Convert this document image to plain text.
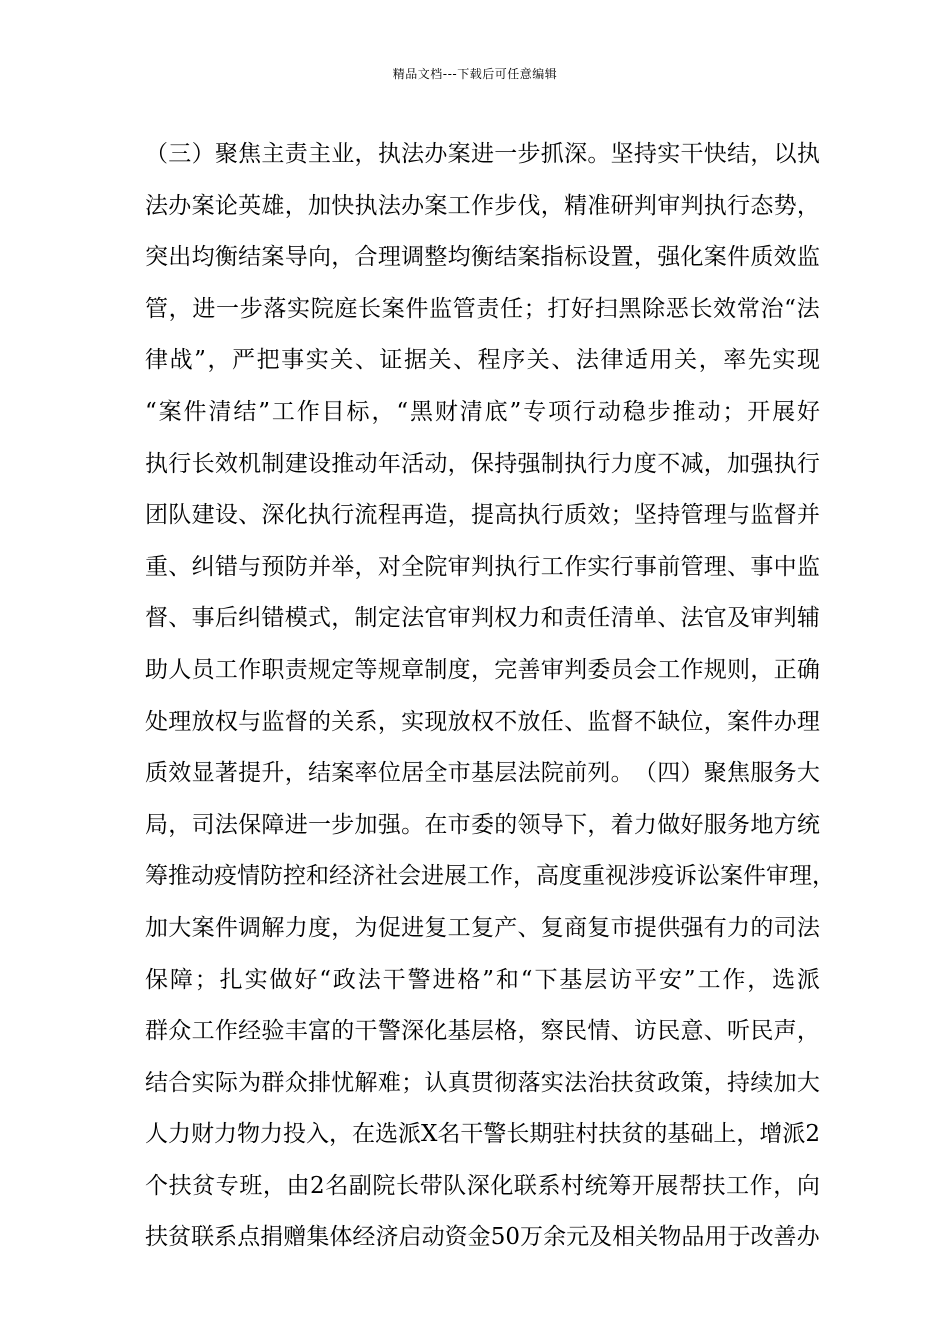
精品文档---下载后可任意编辑
（ 三 ） 聚 焦 主 责 主 业 ， 执 法 办 案 进 一 步 抓 深 。 坚 持 实 干 快 结 ， 以 执
法 办 案 论 英 雄 ， 加 快 执 法 办 案 工 作 步 伐 ， 精 准 研 判 审 判 执 行 态 势 ，
突 出 均 衡 结 案 导 向 ， 合 理 调 整 均 衡 结 案 指 标 设 置 ， 强 化 案 件 质 效 监
管 ， 进 一 步 落 实 院 庭 长 案 件 监 管 责 任 ； 打 好 扫 黑 除 恶 长 效 常 治 “ 法
律 战 ” ， 严 把 事 实 关 、 证 据 关 、 程 序 关 、 法 律 适 用 关 ， 率 先 实 现
“ 案 件 清 结 ” 工 作 目 标 ， “ 黑 财 清 底 ” 专 项 行 动 稳 步 推 动 ； 开 展 好
执 行 长 效 机 制 建 设 推 动 年 活 动 ， 保 持 强 制 执 行 力 度 不 减 ， 加 强 执 行
团 队 建 设 、 深 化 执 行 流 程 再 造 ， 提 高 执 行 质 效 ； 坚 持 管 理 与 监 督 并
重 、 纠 错 与 预 防 并 举 ， 对 全 院 审 判 执 行 工 作 实 行 事 前 管 理 、 事 中 监
督 、 事 后 纠 错 模 式 ， 制 定 法 官 审 判 权 力 和 责 任 清 单 、 法 官 及 审 判 辅
助 人 员 工 作 职 责 规 定 等 规 章 制 度 ， 完 善 审 判 委 员 会 工 作 规 则 ， 正 确
处 理 放 权 与 监 督 的 关 系 ， 实 现 放 权 不 放 任 、 监 督 不 缺 位 ， 案 件 办 理
质 效 显 著 提 升 ， 结 案 率 位 居 全 市 基 层 法 院 前 列 。 （ 四 ） 聚 焦 服 务 大
局 ， 司 法 保 障 进 一 步 加 强 。 在 市 委 的 领 导 下 ， 着 力 做 好 服 务 地 方 统
筹 推 动 疫 情 防 控 和 经 济 社 会 进 展 工 作 ， 高 度 重 视 涉 疫 诉 讼 案 件 审 理 ，
加 大 案 件 调 解 力 度 ， 为 促 进 复 工 复 产 、 复 商 复 市 提 供 强 有 力 的 司 法
保 障 ； 扎 实 做 好 “ 政 法 干 警 进 格 ” 和 “ 下 基 层 访 平 安 ” 工 作 ， 选 派
群 众 工 作 经 验 丰 富 的 干 警 深 化 基 层 格 ， 察 民 情 、 访 民 意 、 听 民 声 ，
结 合 实 际 为 群 众 排 忧 解 难 ； 认 真 贯 彻 落 实 法 治 扶 贫 政 策 ， 持 续 加 大
人 力 财 力 物 力 投 入 ， 在 选 派 X 名 干 警 长 期 驻 村 扶 贫 的 基 础 上 ， 增 派 2
个 扶 贫 专 班 ， 由 2 名 副 院 长 带 队 深 化 联 系 村 统 筹 开 展 帮 扶 工 作 ， 向
扶 贫 联 系 点 捐 赠 集 体 经 济 启 动 资 金 50 万 余 元 及 相 关 物 品 用 于 改 善 办
